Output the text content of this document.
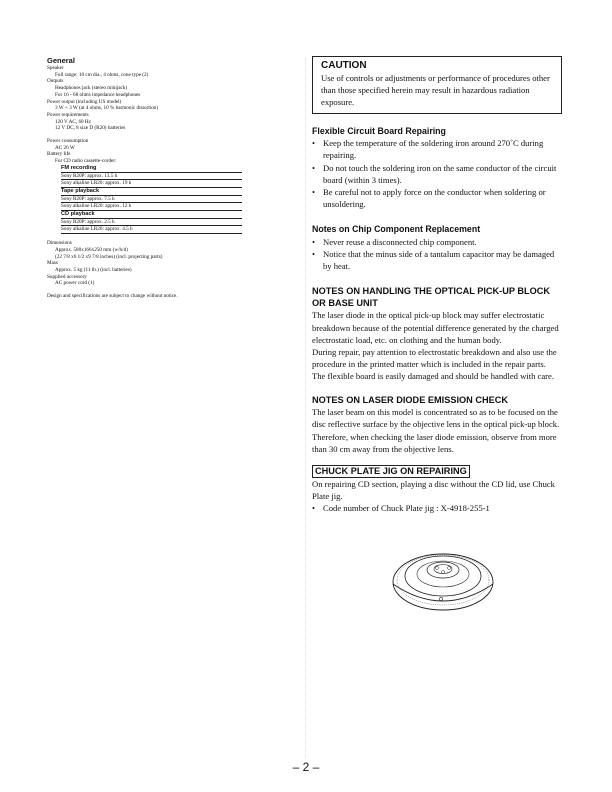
General
Speaker
Full range: 10 cm dia., 4 ohms, cone type (2)
Outputs
Headphones jack (stereo minijack)
For 16 - 68 ohms impedance headphones
Power output (including US model)
3 W + 3 W (at 4 ohms, 10 % harmonic distortion)
Power requirements
120 V AC, 60 Hz
12 V DC, 8 size D (R20) batteries
Power consumption
AC 26 W
Battery life
For CD radio cassette-corder:
FM recording
Sony R20P: approx. 13.5 h
Sony alkaline LR20: approx. 19 h
Tape playback
Sony R20P: approx. 7.5 h
Sony alkaline LR20: approx. 12 h
CD playback
Sony R20P: approx. 2.5 h
Sony alkaline LR20: approx. 4.5 h
Dimensions
Approx. 580x166x250 mm (w/h/d)
(22 7/8 x6 1/2 x9 7/8 inches) (incl. projecting parts)
Mass
Approx. 5 kg (11 lb.) (incl. batteries)
Supplied accessory
AC power cord (1)
Design and specifications are subject to change without notice.
CAUTION
Use of controls or adjustments or performance of procedures other than those specified herein may result in hazardous radiation exposure.
Flexible Circuit Board Repairing
• Keep the temperature of the soldering iron around 270˚C during repairing.
• Do not touch the soldering iron on the same conductor of the circuit board (within 3 times).
• Be careful not to apply force on the conductor when soldering or unsoldering.
Notes on Chip Component Replacement
• Never reuse a disconnected chip component.
• Notice that the minus side of a tantalum capacitor may be damaged by heat.
NOTES ON HANDLING THE OPTICAL PICK-UP BLOCK OR BASE UNIT
The laser diode in the optical pick-up block may suffer electrostatic breakdown because of the potential difference generated by the charged electrostatic load, etc. on clothing and the human body.
During repair, pay attention to electrostatic breakdown and also use the procedure in the printed matter which is included in the repair parts.
The flexible board is easily damaged and should be handled with care.
NOTES ON LASER DIODE EMISSION CHECK
The laser beam on this model is concentrated so as to be focused on the disc reflective surface by the objective lens in the optical pick-up block. Therefore, when checking the laser diode emission, observe from more than 30 cm away from the objective lens.
CHUCK PLATE JIG ON REPAIRING
On repairing CD section, playing a disc without the CD lid, use Chuck Plate jig.
• Code number of Chuck Plate jig : X-4918-255-1
– 2 –
